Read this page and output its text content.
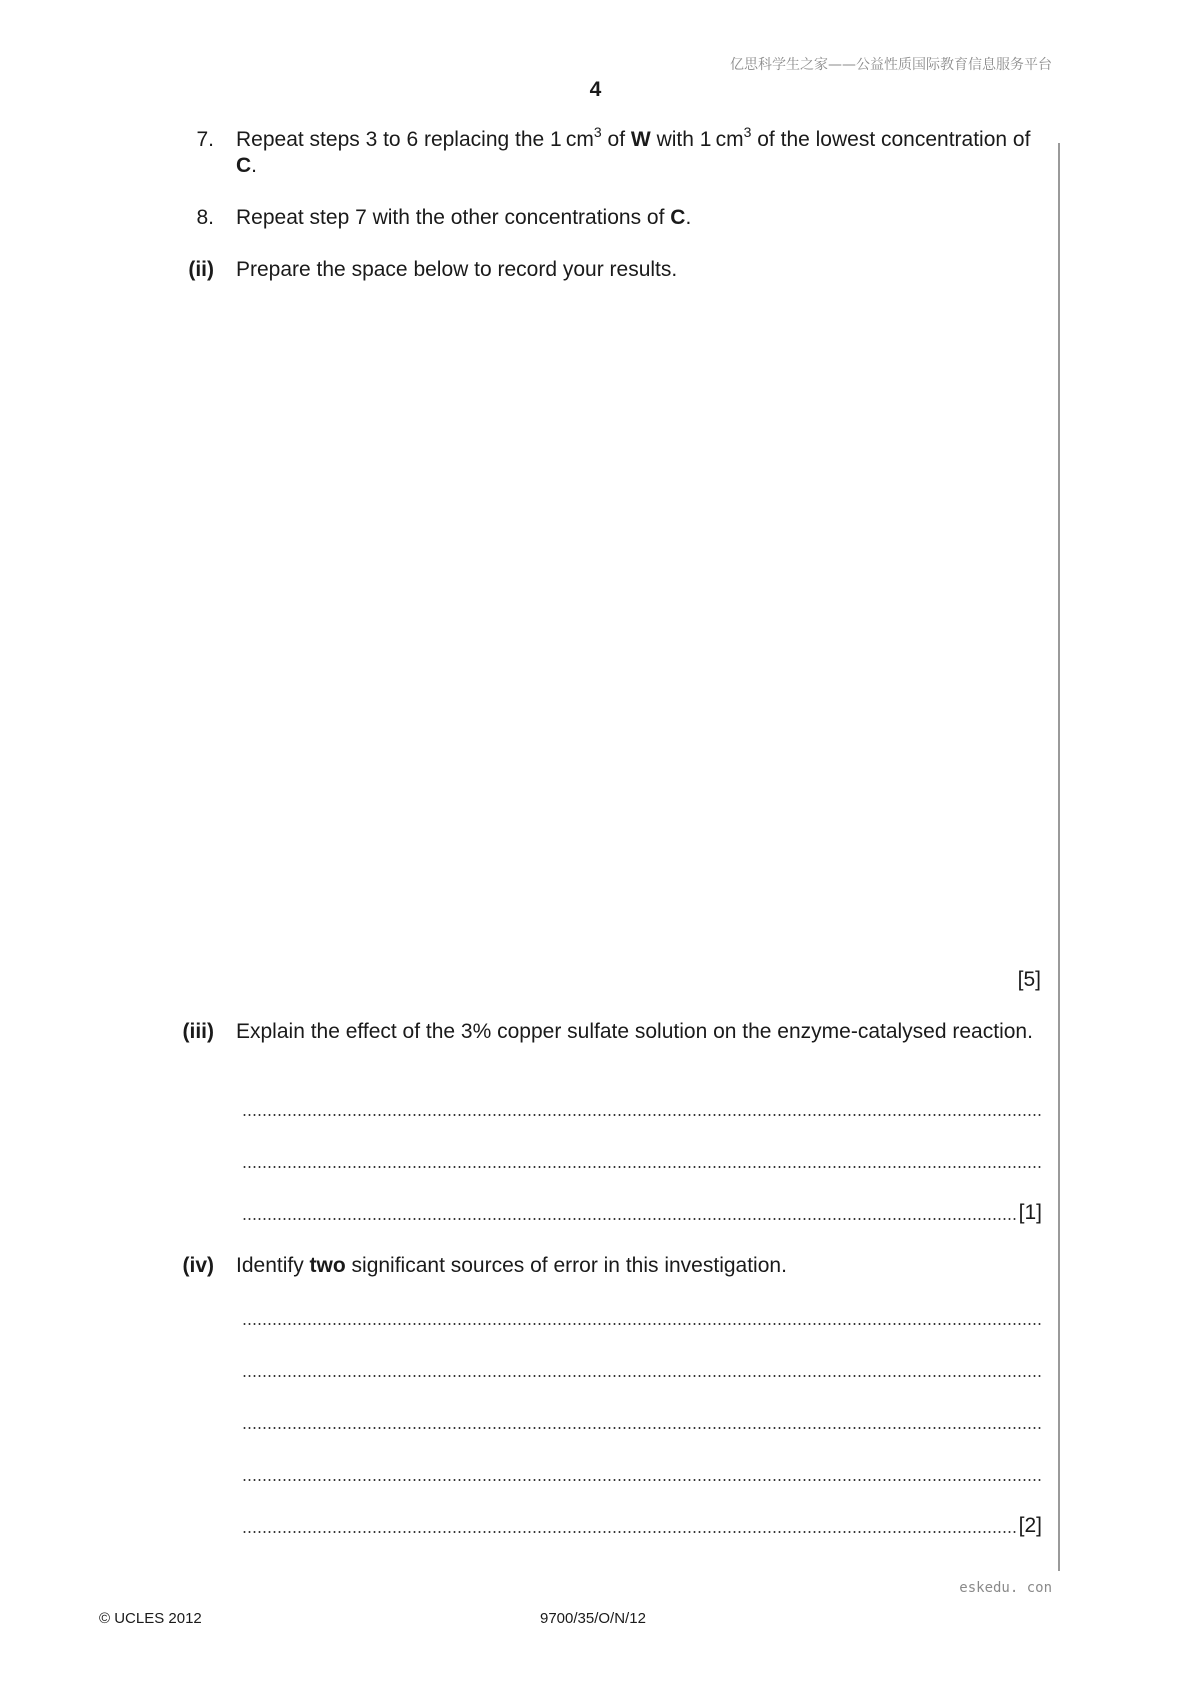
亿思科学生之家——公益性质国际教育信息服务平台
4
7. Repeat steps 3 to 6 replacing the 1 $cm^3$ of W with 1 $cm^3$ of the lowest concentration of C.
8. Repeat step 7 with the other concentrations of C.
(ii) Prepare the space below to record your results.
[5]
(iii) Explain the effect of the 3% copper sulfate solution on the enzyme-catalysed reaction.
[1]
(iv) Identify two significant sources of error in this investigation.
[2]
eskedu. con
© UCLES 2012	9700/35/O/N/12
